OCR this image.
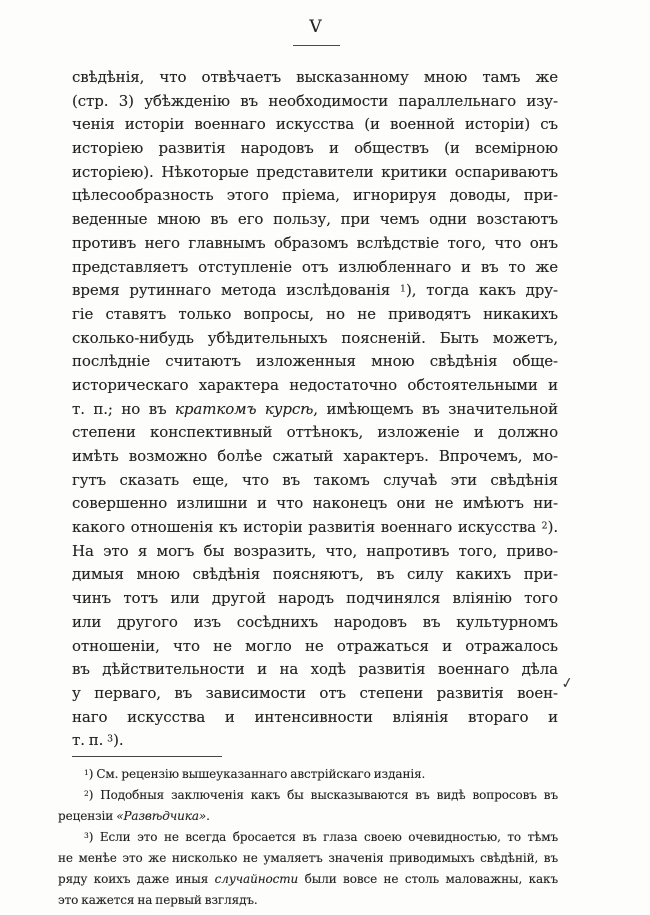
V
свѣдѣнія, что отвѣчаетъ высказанному мною тамъ же
(стр. 3) убѣжденію въ необходимости параллельнаго изу-
ченія исторіи военнаго искусства (и военной исторіи) съ
исторіею развитія народовъ и обществъ (и всемірною
исторіею). Нѣкоторые представители критики оспариваютъ
цѣлесообразность этого пріема, игнорируя доводы, при-
веденные мною въ его пользу, при чемъ одни возстаютъ
противъ него главнымъ образомъ вслѣдствіе того, что онъ
представляетъ отступленіе отъ излюбленнаго и въ то же
время рутиннаго метода изслѣдованія $^1$), тогда какъ дру-
гіе ставятъ только вопросы, но не приводятъ никакихъ
сколько-нибудь убѣдительныхъ поясненій. Быть можетъ,
послѣдніе считаютъ изложенныя мною свѣдѣнія обще-
историческаго характера недостаточно обстоятельными и
т. п.; но въ краткомъ курсѣ, имѣющемъ въ значительной
степени конспективный оттѣнокъ, изложеніе и должно
имѣть возможно болѣе сжатый характеръ. Впрочемъ, мо-
гутъ сказать еще, что въ такомъ случаѣ эти свѣдѣнія
совершенно излишни и что наконецъ они не имѣютъ ни-
какого отношенія къ исторіи развитія военнаго искусства $^2$).
На это я могъ бы возразить, что, напротивъ того, приво-
димыя мною свѣдѣнія поясняютъ, въ силу какихъ при-
чинъ тотъ или другой народъ подчинялся вліянію того
или другого изъ сосѣднихъ народовъ въ культурномъ
отношеніи, что не могло не отражаться и отражалось
въ дѣйствительности и на ходѣ развитія военнаго дѣла
у перваго, въ зависимости отъ степени развитія воен-
наго искусства и интенсивности вліянія втораго и
т. п. $^3$).
✓
$^1$) См. рецензію вышеуказаннаго австрійскаго изданія.
$^2$) Подобныя заключенія какъ бы высказываются въ видѣ вопросовъ въ
рецензіи «Развѣдчика».
$^3$) Если это не всегда бросается въ глаза своею очевидностью, то тѣмъ
не менѣе это же нисколько не умаляетъ значенія приводимыхъ свѣдѣній, въ
ряду коихъ даже иныя случайности были вовсе не столь маловажны, какъ
это кажется на первый взглядъ.
